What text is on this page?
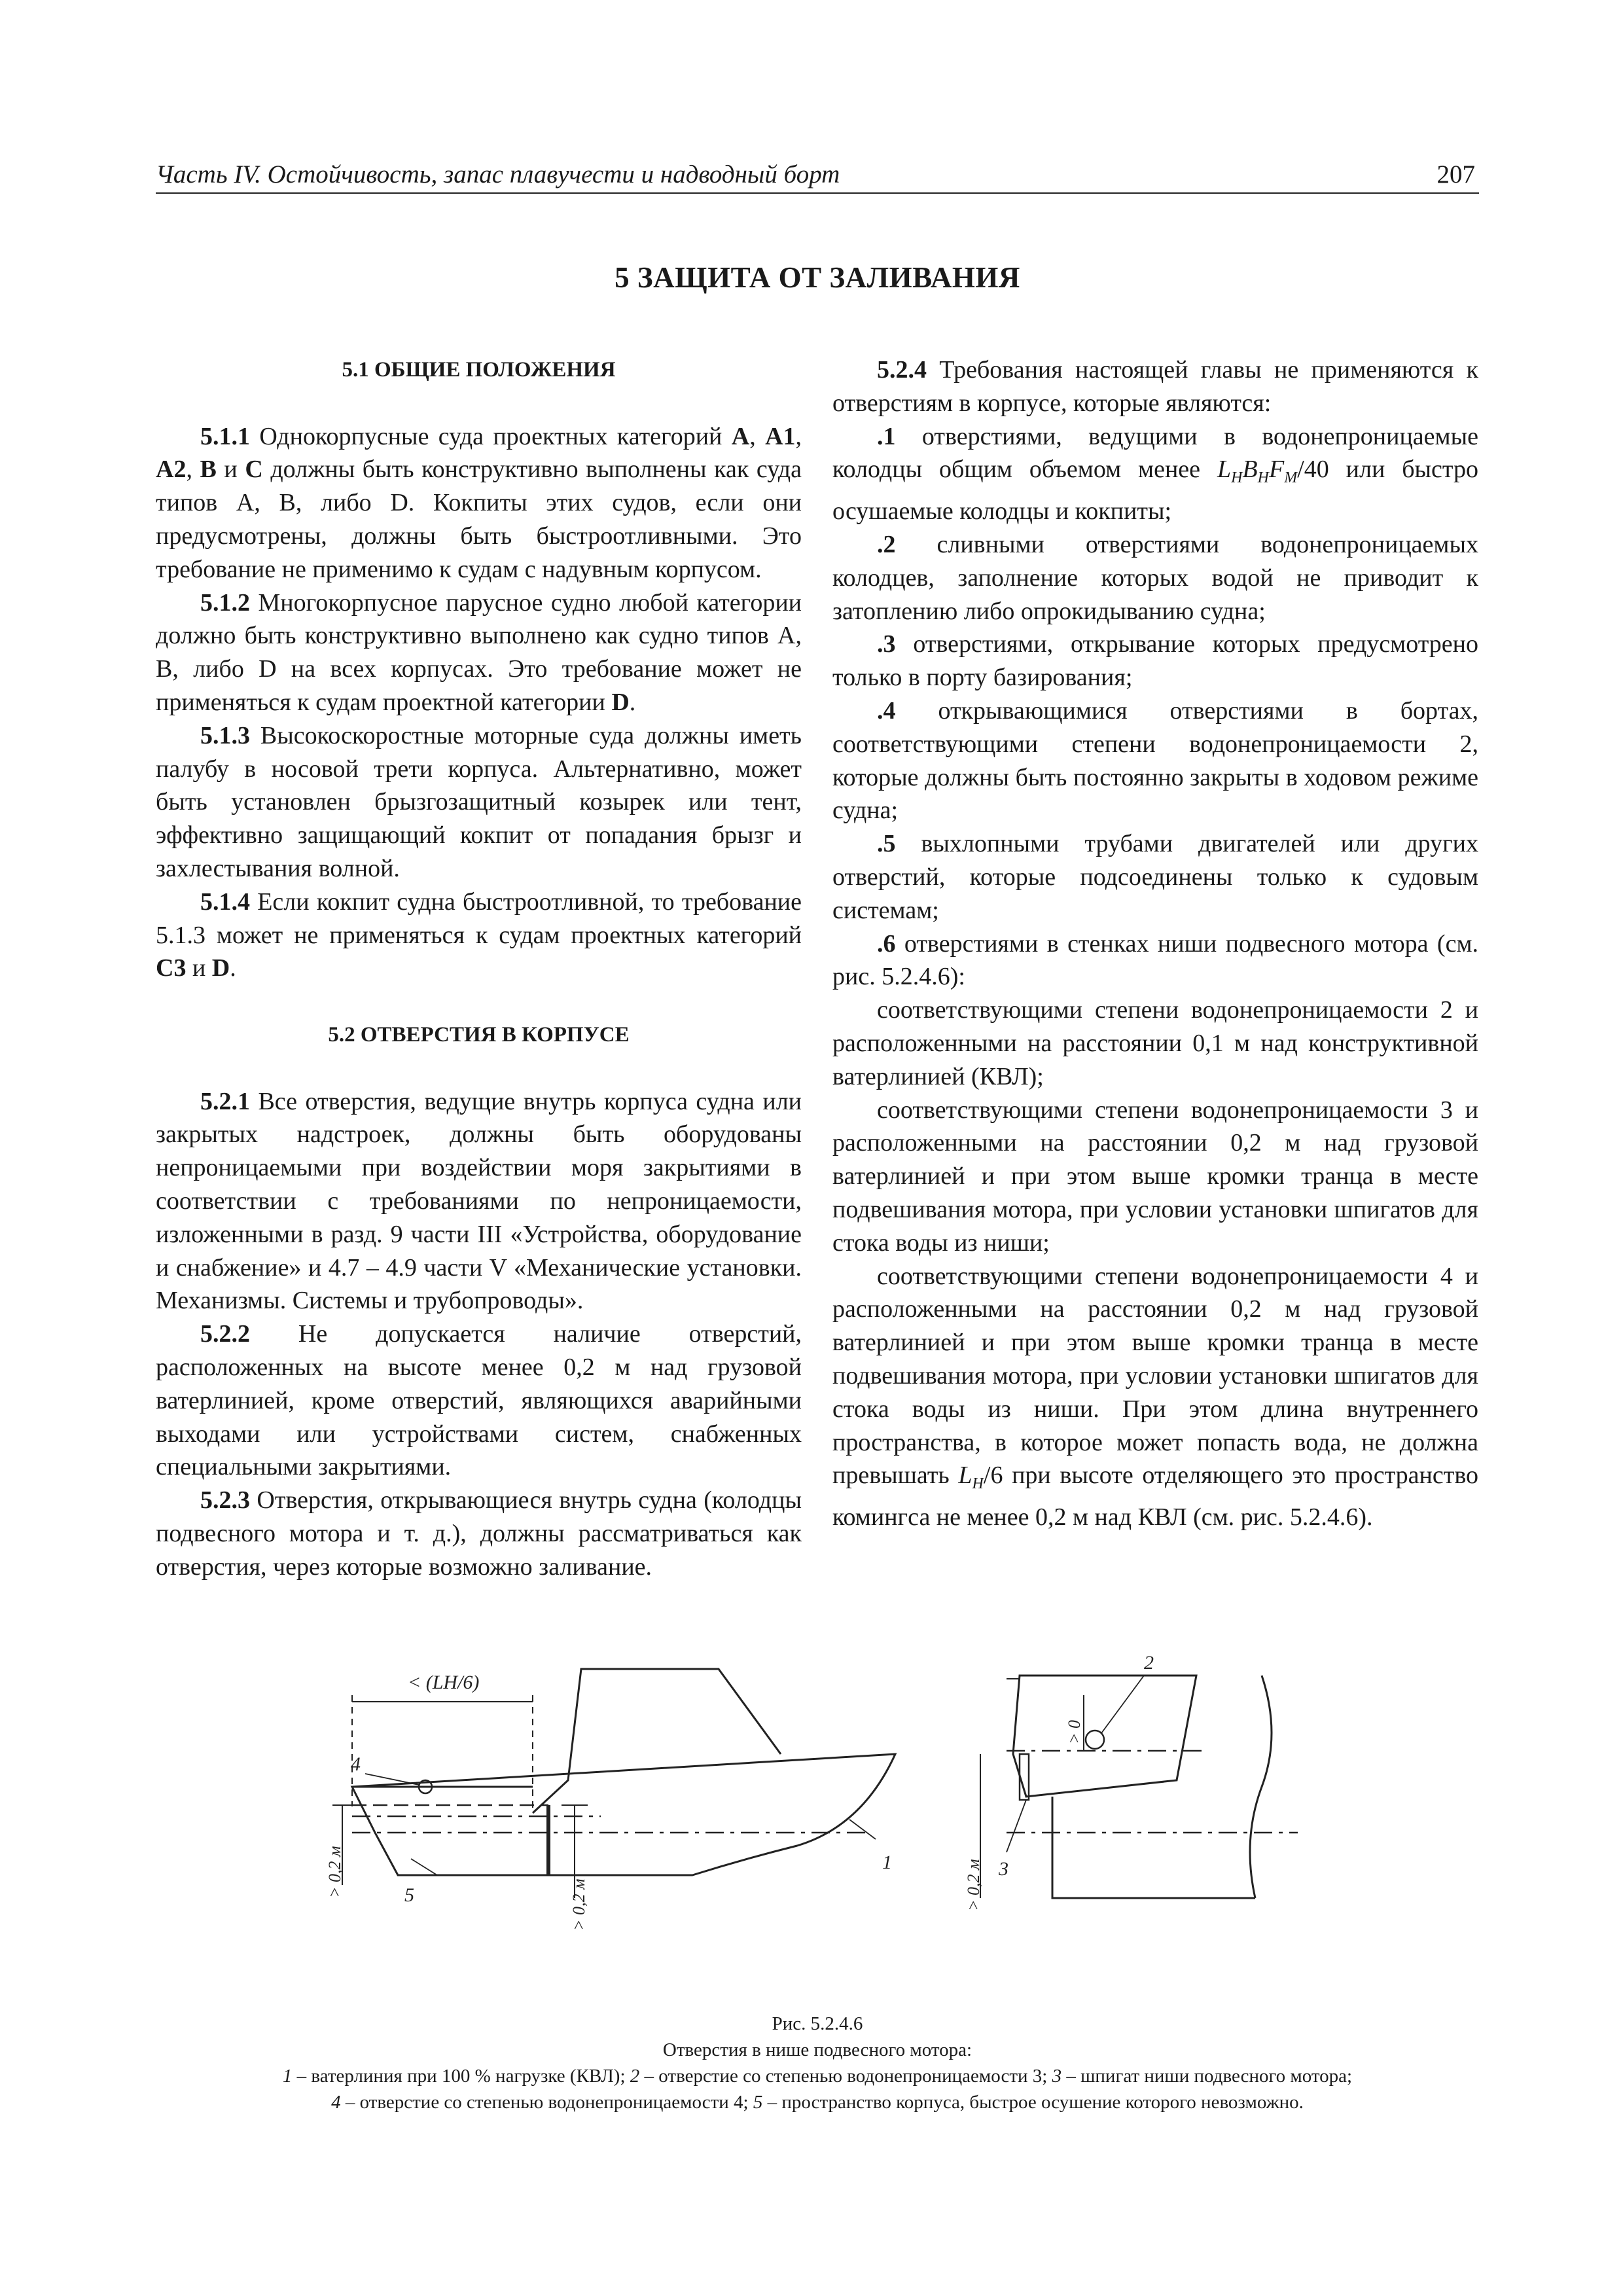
Часть IV. Остойчивость, запас плавучести и надводный борт	207
5 ЗАЩИТА ОТ ЗАЛИВАНИЯ
5.1 ОБЩИЕ ПОЛОЖЕНИЯ

5.1.1 Однокорпусные суда проектных категорий A, A1, A2, B и C должны быть конструктивно выполнены как суда типов A, B, либо D. Кокпиты этих судов, если они предусмотрены, должны быть быстроотливными. Это требование не применимо к судам с надувным корпусом.

5.1.2 Многокорпусное парусное судно любой категории должно быть конструктивно выполнено как судно типов A, B, либо D на всех корпусах. Это требование может не применяться к судам проектной категории D.

5.1.3 Высокоскоростные моторные суда должны иметь палубу в носовой трети корпуса. Альтернативно, может быть установлен брызгозащитный козырек или тент, эффективно защищающий кокпит от попадания брызг и захлестывания волной.

5.1.4 Если кокпит судна быстроотливной, то требование 5.1.3 может не применяться к судам проектных категорий C3 и D.

5.2 ОТВЕРСТИЯ В КОРПУСЕ

5.2.1 Все отверстия, ведущие внутрь корпуса судна или закрытых надстроек, должны быть оборудованы непроницаемыми при воздействии моря закрытиями в соответствии с требованиями по непроницаемости, изложенными в разд. 9 части III «Устройства, оборудование и снабжение» и 4.7 – 4.9 части V «Механические установки. Механизмы. Системы и трубопроводы».

5.2.2 Не допускается наличие отверстий, расположенных на высоте менее 0,2 м над грузовой ватерлинией, кроме отверстий, являющихся аварийными выходами или устройствами систем, снабженных специальными закрытиями.

5.2.3 Отверстия, открывающиеся внутрь судна (колодцы подвесного мотора и т. д.), должны рассматриваться как отверстия, через которые возможно заливание.

5.2.4 Требования настоящей главы не применяются к отверстиям в корпусе, которые являются:

.1 отверстиями, ведущими в водонепроницаемые колодцы общим объемом менее $L_HB_HF_M/40$ или быстро осушаемые колодцы и кокпиты;

.2 сливными отверстиями водонепроницаемых колодцев, заполнение которых водой не приводит к затоплению либо опрокидыванию судна;

.3 отверстиями, открывание которых предусмотрено только в порту базирования;

.4 открывающимися отверстиями в бортах, соответствующими степени водонепроницаемости 2, которые должны быть постоянно закрыты в ходовом режиме судна;

.5 выхлопными трубами двигателей или других отверстий, которые подсоединены только к судовым системам;

.6 отверстиями в стенках ниши подвесного мотора (см. рис. 5.2.4.6):

соответствующими степени водонепроницаемости 2 и расположенными на расстоянии 0,1 м над конструктивной ватерлинией (КВЛ);

соответствующими степени водонепроницаемости 3 и расположенными на расстоянии 0,2 м над грузовой ватерлинией и при этом выше кромки транца в месте подвешивания мотора, при условии установки шпигатов для стока воды из ниши;

соответствующими степени водонепроницаемости 4 и расположенными на расстоянии 0,2 м над грузовой ватерлинией и при этом выше кромки транца в месте подвешивания мотора, при условии установки шпигатов для стока воды из ниши. При этом длина внутреннего пространства, в которое может попасть вода, не должна превышать $L_H/6$ при высоте отделяющего это пространство комингса не менее 0,2 м над КВЛ (см. рис. 5.2.4.6).

< (LH/6)
4
5
1
2
3
> 0,2 м
> 0,2 м	> 0,2 м
> 0
Рис. 5.2.4.6
Отверстия в нише подвесного мотора:
1 – ватерлиния при 100 % нагрузке (КВЛ); 2 – отверстие со степенью водонепроницаемости 3; 3 – шпигат ниши подвесного мотора;
4 – отверстие со степенью водонепроницаемости 4; 5 – пространство корпуса, быстрое осушение которого невозможно.
